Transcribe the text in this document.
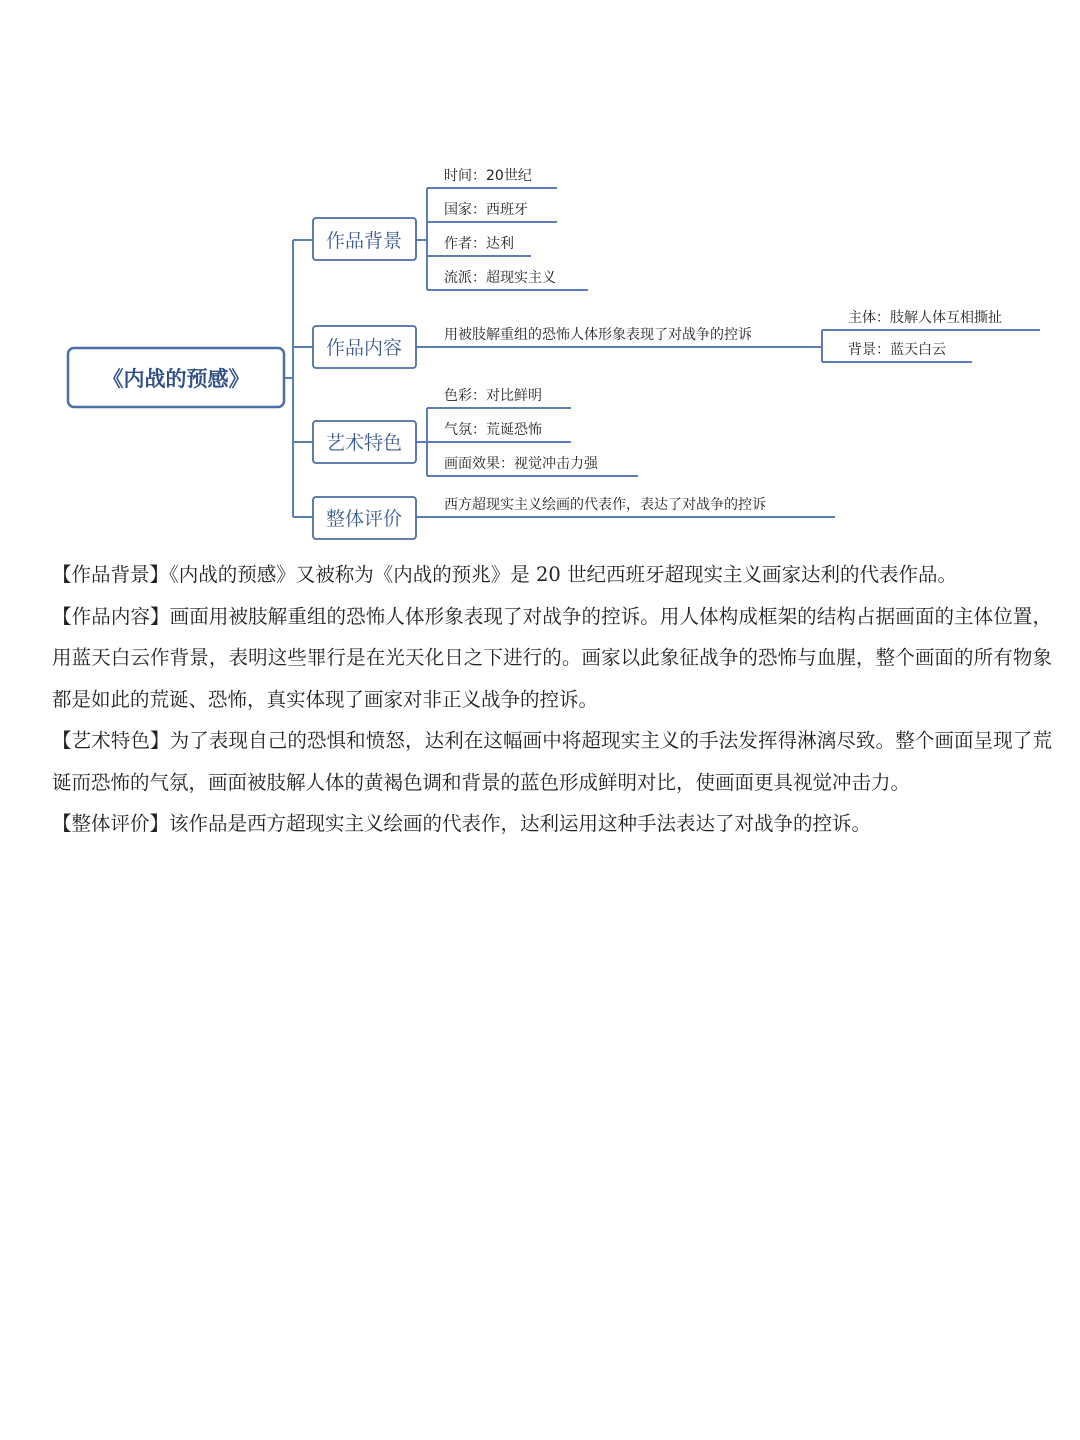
《内战的预感》
作品背景
作品内容
艺术特色
整体评价
时间：20世纪
国家：西班牙
作者：达利
流派：超现实主义
用被肢解重组的恐怖人体形象表现了对战争的控诉
主体：肢解人体互相撕扯
背景：蓝天白云
色彩：对比鲜明
气氛：荒诞恐怖
画面效果：视觉冲击力强
西方超现实主义绘画的代表作，表达了对战争的控诉

【作品背景】《内战的预感》又被称为《内战的预兆》是 20 世纪西班牙超现实主义画家达利的代表作品。

【作品内容】画面用被肢解重组的恐怖人体形象表现了对战争的控诉。用人体构成框架的结构占据画面的主体位置，用蓝天白云作背景，表明这些罪行是在光天化日之下进行的。画家以此象征战争的恐怖与血腥，整个画面的所有物象都是如此的荒诞、恐怖，真实体现了画家对非正义战争的控诉。

【艺术特色】为了表现自己的恐惧和愤怒，达利在这幅画中将超现实主义的手法发挥得淋漓尽致。整个画面呈现了荒诞而恐怖的气氛，画面被肢解人体的黄褐色调和背景的蓝色形成鲜明对比，使画面更具视觉冲击力。

【整体评价】该作品是西方超现实主义绘画的代表作，达利运用这种手法表达了对战争的控诉。
